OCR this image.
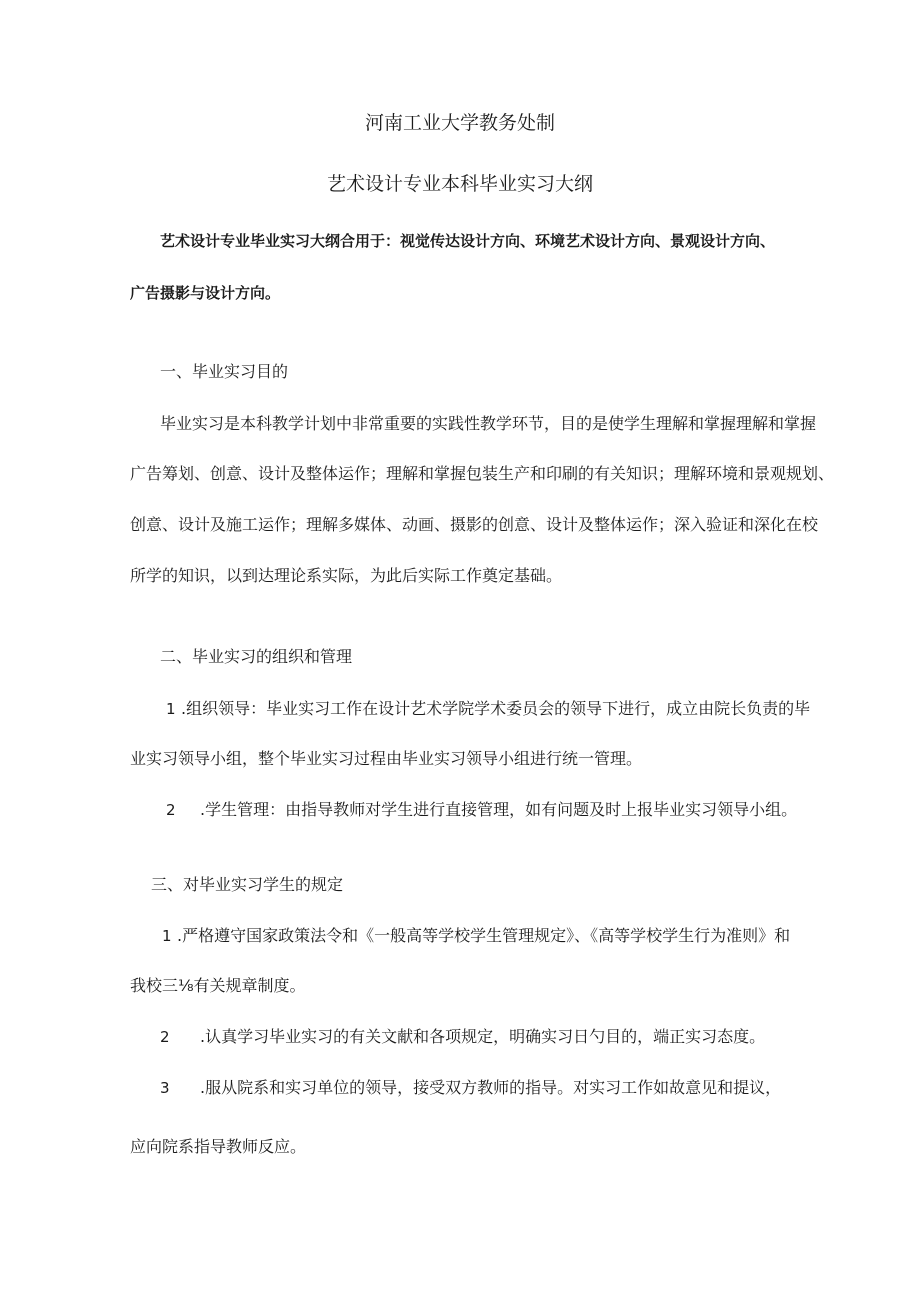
河南工业大学教务处制
艺术设计专业本科毕业实习大纲
艺术设计专业毕业实习大纲合用于：视觉传达设计方向、环境艺术设计方向、景观设计方向、
广告摄影与设计方向。
一、毕业实习目的
毕业实习是本科教学计划中非常重要的实践性教学环节，目的是使学生理解和掌握理解和掌握
广告筹划、创意、设计及整体运作；理解和掌握包装生产和印刷的有关知识；理解环境和景观规划、
创意、设计及施工运作；理解多媒体、动画、摄影的创意、设计及整体运作；深入验证和深化在校
所学的知识，以到达理论系实际，为此后实际工作奠定基础。
二、毕业实习的组织和管理
1 .组织领导：毕业实习工作在设计艺术学院学术委员会的领导下进行，成立由院长负责的毕
业实习领导小组，整个毕业实习过程由毕业实习领导小组进行统一管理。
2 .学生管理：由指导教师对学生进行直接管理，如有问题及时上报毕业实习领导小组。
三、对毕业实习学生的规定
1 .严格遵守国家政策法令和《一般高等学校学生管理规定》、《高等学校学生行为准则》和
我校三⅛有关规章制度。
2 .认真学习毕业实习的有关文献和各项规定，明确实习日勺目的，端正实习态度。
3 .服从院系和实习单位的领导，接受双方教师的指导。对实习工作如故意见和提议，
应向院系指导教师反应。
